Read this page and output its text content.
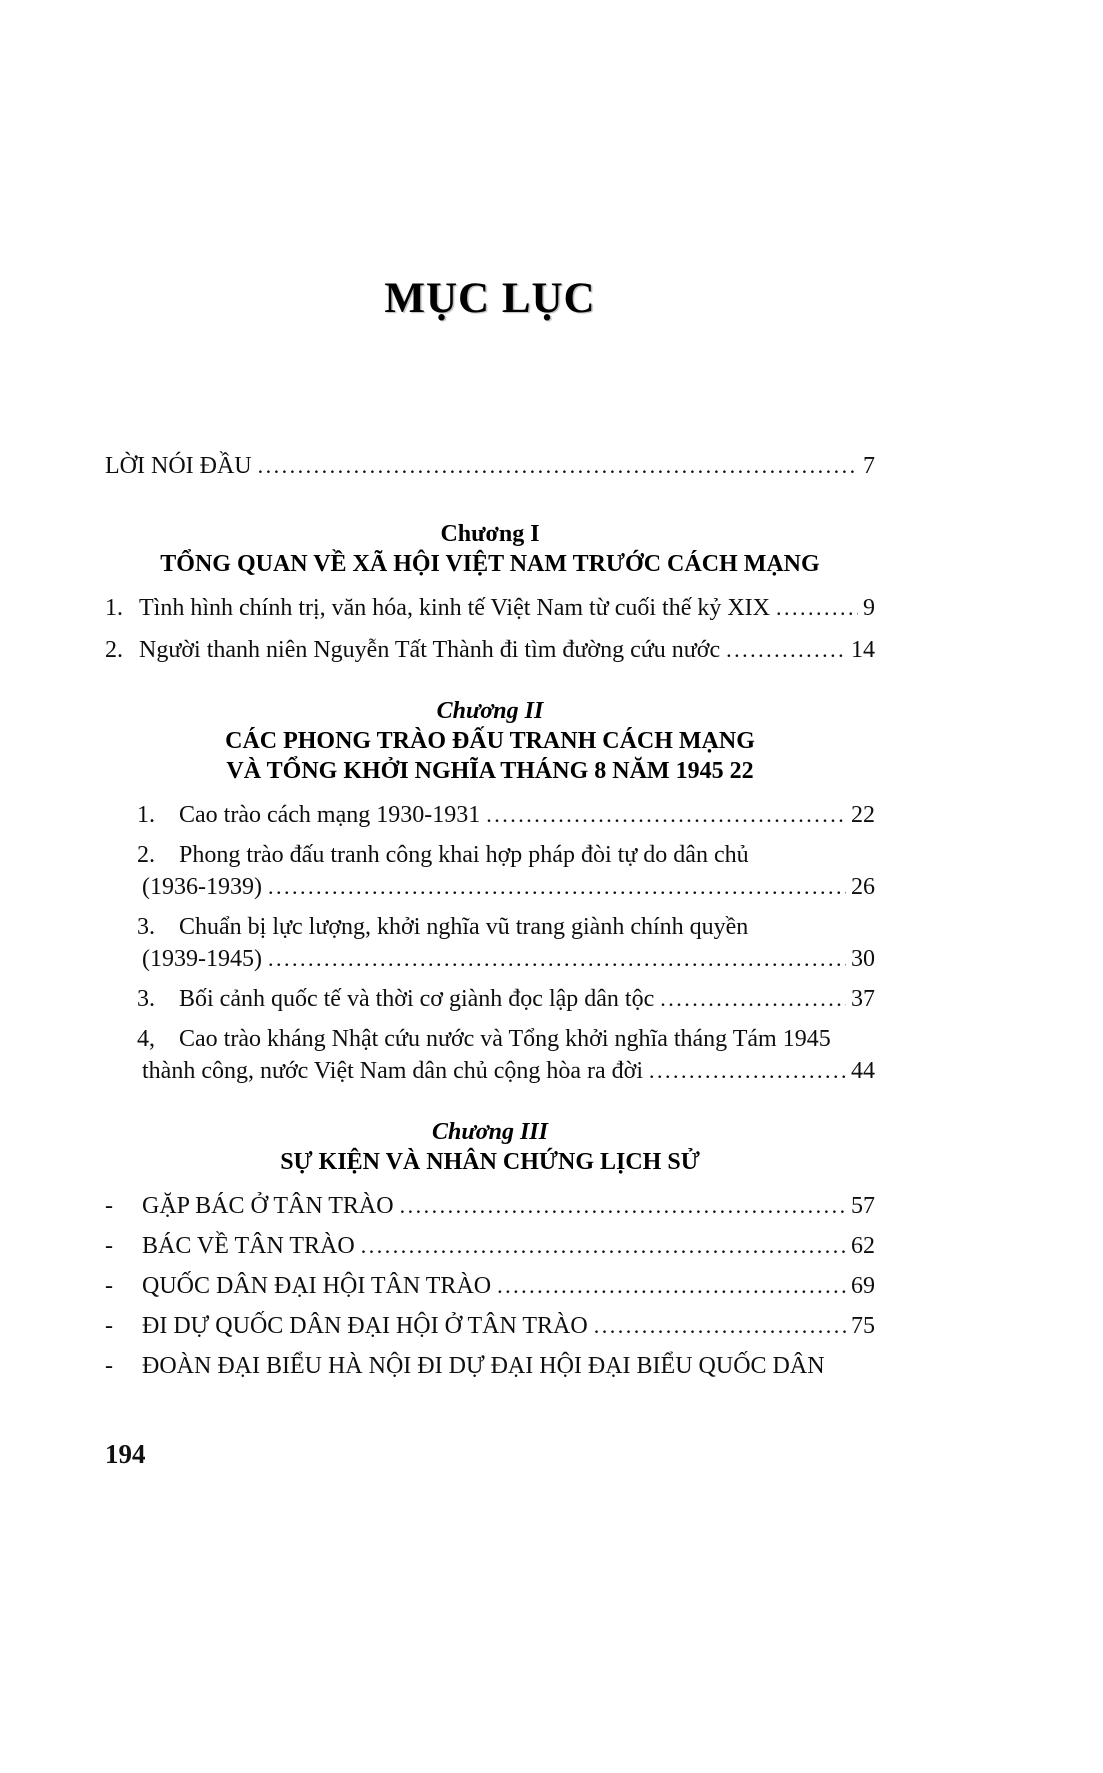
MỤC LỤC
LỜI NÓI ĐẦU .....	7
Chương I
TỔNG QUAN VỀ XÃ HỘI VIỆT NAM TRƯỚC CÁCH MẠNG
1. Tình hình chính trị, văn hóa, kinh tế Việt Nam từ cuối thế kỷ XIX .....	9
2. Người thanh niên Nguyễn Tất Thành đi tìm đường cứu nước .....	14
Chương II
CÁC PHONG TRÀO ĐẤU TRANH CÁCH MẠNG
VÀ TỔNG KHỞI NGHĨA THÁNG 8 NĂM 1945 22
1.	Cao trào cách mạng 1930-1931 .....	22
2.	Phong trào đấu tranh công khai hợp pháp đòi tự do dân chủ
(1936-1939) .....	26
3.	Chuẩn bị lực lượng, khởi nghĩa vũ trang giành chính quyền
(1939-1945) .....	30
3.	Bối cảnh quốc tế và thời cơ giành đọc lập dân tộc .....	37
4,	Cao trào kháng Nhật cứu nước và Tổng khởi nghĩa tháng Tám 1945
thành công, nước Việt Nam dân chủ cộng hòa ra đời .....	44
Chương III
SỰ KIỆN VÀ NHÂN CHỨNG LỊCH SỬ
-	GẶP BÁC Ở TÂN TRÀO .....	57
-	BÁC VỀ TÂN TRÀO .....	62
-	QUỐC DÂN ĐẠI HỘI TÂN TRÀO .....	69
-	ĐI DỰ QUỐC DÂN ĐẠI HỘI Ở TÂN TRÀO .....	75
-	ĐOÀN ĐẠI BIỂU HÀ NỘI ĐI DỰ ĐẠI HỘI ĐẠI BIỂU QUỐC DÂN
194
